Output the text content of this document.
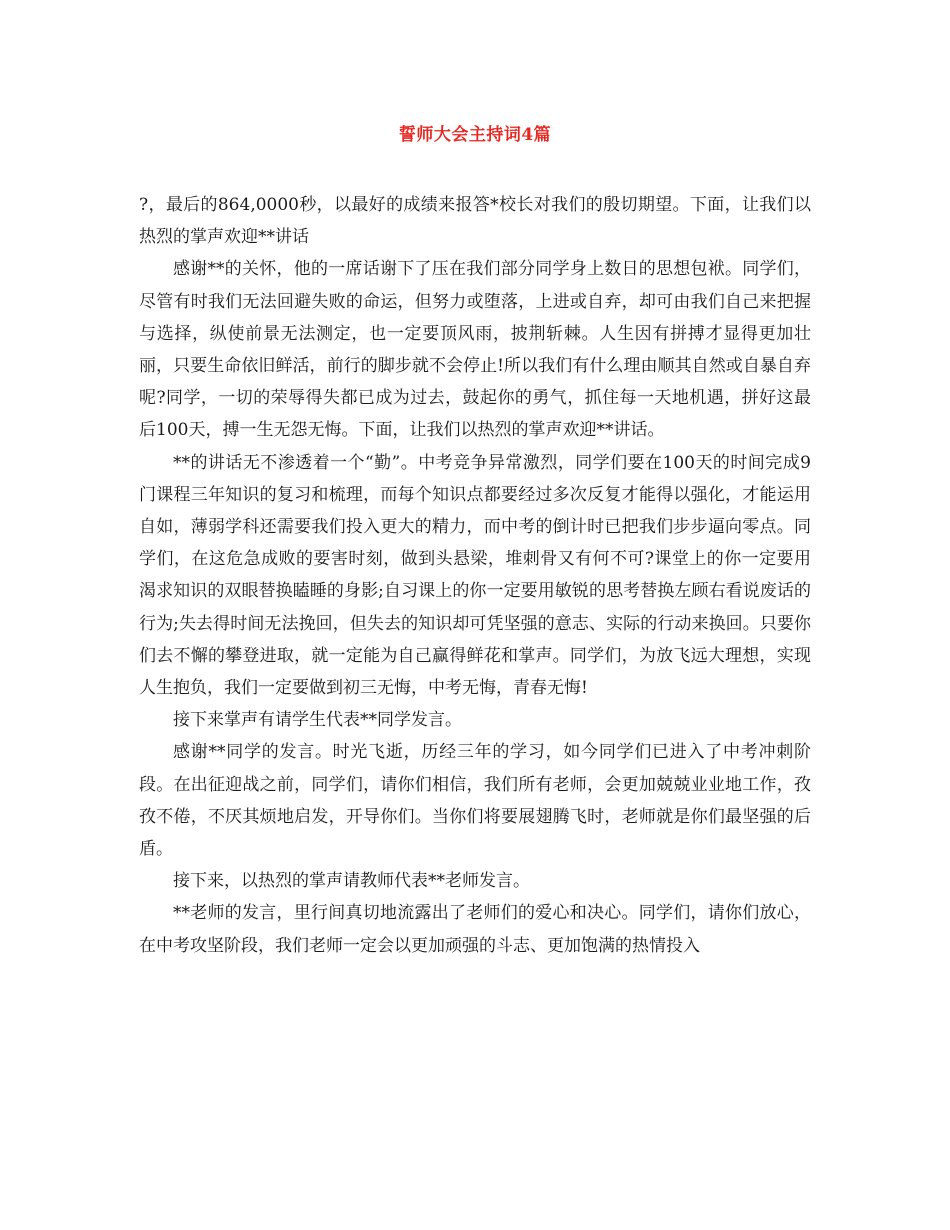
誓师大会主持词4篇

?，最后的864,0000秒，以最好的成绩来报答*校长对我们的殷切期望。下面，让我们以热烈的掌声欢迎**讲话

感谢**的关怀，他的一席话谢下了压在我们部分同学身上数日的思想包袱。同学们，尽管有时我们无法回避失败的命运，但努力或堕落，上进或自弃，却可由我们自己来把握与选择，纵使前景无法测定，也一定要顶风雨，披荆斩棘。人生因有拼搏才显得更加壮丽，只要生命依旧鲜活，前行的脚步就不会停止!所以我们有什么理由顺其自然或自暴自弃呢?同学，一切的荣辱得失都已成为过去，鼓起你的勇气，抓住每一天地机遇，拼好这最后100天，搏一生无怨无悔。下面，让我们以热烈的掌声欢迎**讲话。

**的讲话无不渗透着一个“勤”。中考竞争异常激烈，同学们要在100天的时间完成9门课程三年知识的复习和梳理，而每个知识点都要经过多次反复才能得以强化，才能运用自如，薄弱学科还需要我们投入更大的精力，而中考的倒计时已把我们步步逼向零点。同学们，在这危急成败的要害时刻，做到头悬梁，堆刺骨又有何不可?课堂上的你一定要用渴求知识的双眼替换瞌睡的身影;自习课上的你一定要用敏锐的思考替换左顾右看说废话的行为;失去得时间无法挽回，但失去的知识却可凭坚强的意志、实际的行动来换回。只要你们去不懈的攀登进取，就一定能为自己赢得鲜花和掌声。同学们，为放飞远大理想，实现人生抱负，我们一定要做到初三无悔，中考无悔，青春无悔!

接下来掌声有请学生代表**同学发言。

感谢**同学的发言。时光飞逝，历经三年的学习，如今同学们已进入了中考冲刺阶段。在出征迎战之前，同学们，请你们相信，我们所有老师，会更加兢兢业业地工作，孜孜不倦，不厌其烦地启发，开导你们。当你们将要展翅腾飞时，老师就是你们最坚强的后盾。

接下来，以热烈的掌声请教师代表**老师发言。

**老师的发言，里行间真切地流露出了老师们的爱心和决心。同学们，请你们放心，在中考攻坚阶段，我们老师一定会以更加顽强的斗志、更加饱满的热情投入
